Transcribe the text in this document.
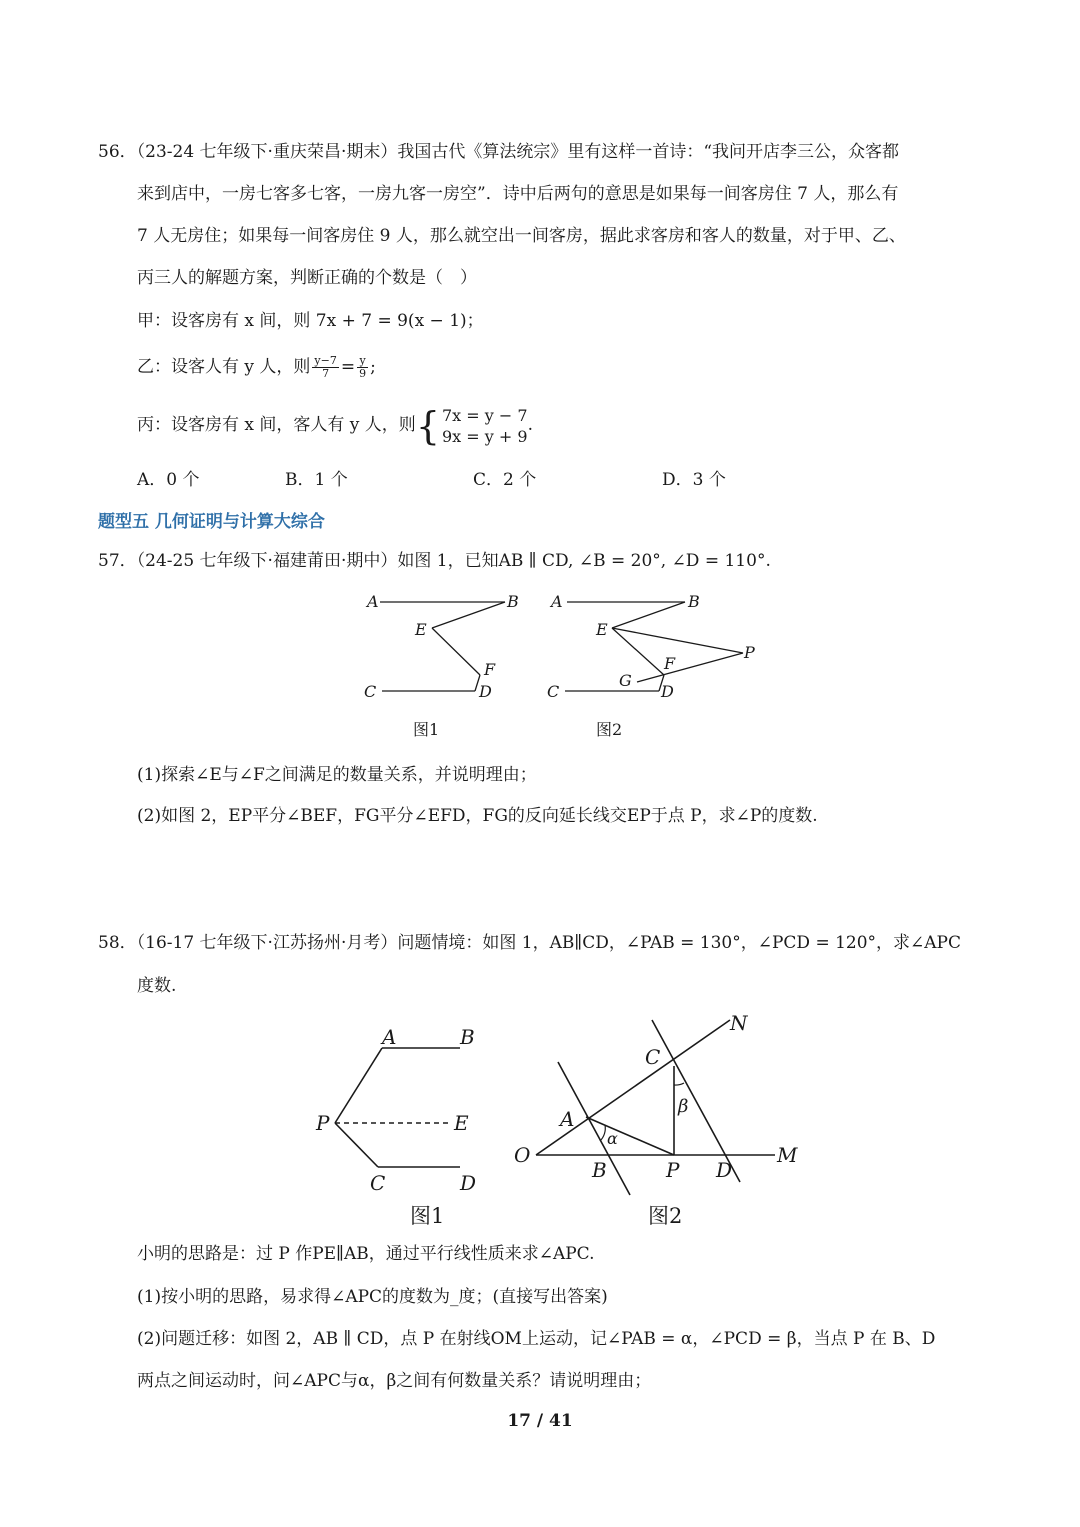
56．（23-24 七年级下·重庆荣昌·期末）我国古代《算法统宗》里有这样一首诗：“我问开店李三公，众客都
来到店中，一房七客多七客，一房九客一房空”．诗中后两句的意思是如果每一间客房住 7 人，那么有
7 人无房住；如果每一间客房住 9 人，那么就空出一间客房，据此求客房和客人的数量，对于甲、乙、
丙三人的解题方案，判断正确的个数是（　）
甲：设客房有 x 间，则 7x + 7 = 9(x − 1)；
乙：设客人有 y 人，则 $\frac{y-7}{7} = \frac{y}{9}$ ;
丙：设客房有 x 间，客人有 y 人，则{ 7x = y − 7
9x = y + 9
.
A．0 个	B．1 个	C．2 个	D．3 个
题型五 几何证明与计算大综合
57．（24-25 七年级下·福建莆田·期中）如图 1，已知AB ∥ CD, ∠B = 20°, ∠D = 110°.
A	B
E
F
C	D
A	B
E
F
P
G
C	D
图1	图2
(1)探索∠E与∠F之间满足的数量关系，并说明理由；
(2)如图 2，EP平分∠BEF，FG平分∠EFD，FG的反向延长线交EP于点 P，求∠P的度数.
58．（16-17 七年级下·江苏扬州·月考）问题情境：如图 1，AB∥CD，∠PAB = 130°，∠PCD = 120°，求∠APC
度数.
A	B
P	E
C	D
N
C
β
A
α
O
B	P D
M
图1	图2
小明的思路是：过 P 作PE∥AB，通过平行线性质来求∠APC.
(1)按小明的思路，易求得∠APC的度数为_度；(直接写出答案)
(2)问题迁移：如图 2，AB ∥ CD，点 P 在射线OM上运动，记∠PAB = α，∠PCD = β，当点 P 在 B、D
两点之间运动时，问∠APC与α，β之间有何数量关系？请说明理由；
17 / 41
